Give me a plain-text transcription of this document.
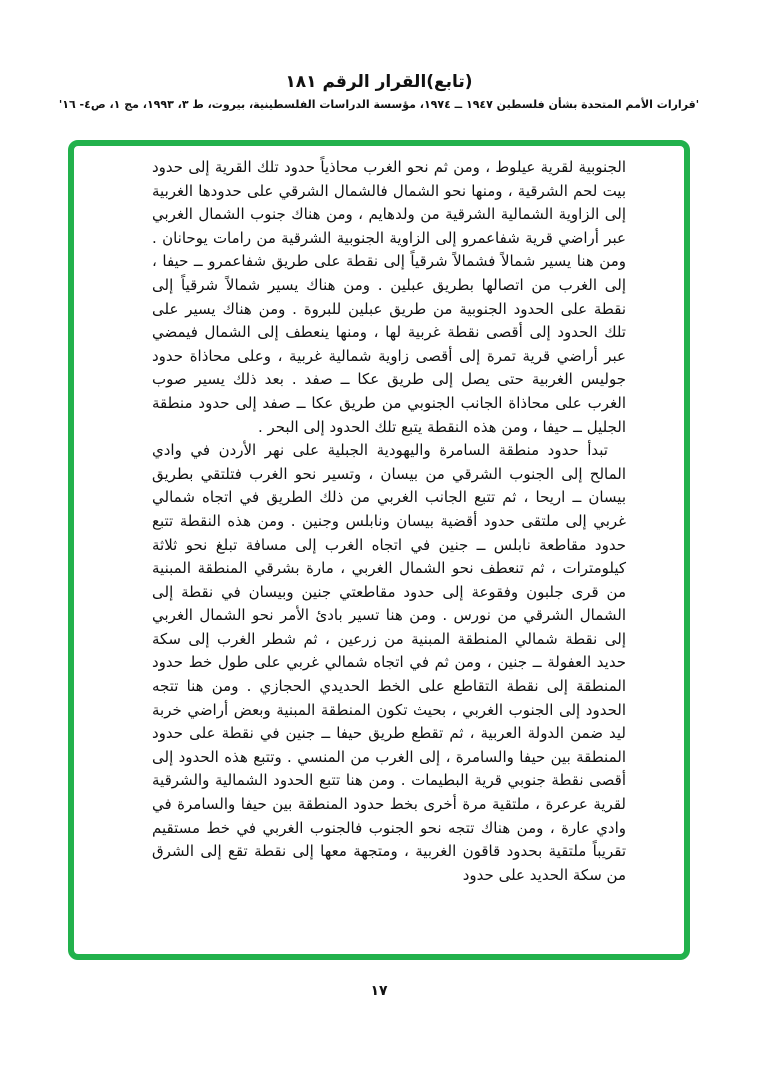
(تابع)القرار الرقم ١٨١
'قرارات الأمم المتحدة بشأن فلسطين ١٩٤٧ ــ ١٩٧٤، مؤسسة الدراسات الفلسطينية، بيروت، ط ٣، ١٩٩٣، مج ١، ص٤- ١٦'

الجنوبية لقرية عيلوط ، ومن ثم نحو الغرب محاذياً حدود تلك القرية إلى حدود بيت لحم الشرقية ، ومنها نحو الشمال فالشمال الشرقي على حدودها الغربية إلى الزاوية الشمالية الشرقية من ولدهايم ، ومن هناك جنوب الشمال الغربي عبر أراضي قرية شفاعمرو إلى الزاوية الجنوبية الشرقية من رامات يوحانان . ومن هنا يسير شمالاً فشمالاً شرقياً إلى نقطة على طريق شفاعمرو ــ حيفا ، إلى الغرب من اتصالها بطريق عبلين . ومن هناك يسير شمالاً شرقياً إلى نقطة على الحدود الجنوبية من طريق عبلين للبروة . ومن هناك يسير على تلك الحدود إلى أقصى نقطة غربية لها ، ومنها ينعطف إلى الشمال فيمضي عبر أراضي قرية تمرة إلى أقصى زاوية شمالية غربية ، وعلى محاذاة حدود جوليس الغربية حتى يصل إلى طريق عكا ــ صفد . بعد ذلك يسير صوب الغرب على محاذاة الجانب الجنوبي من طريق عكا ــ صفد إلى حدود منطقة الجليل ــ حيفا ، ومن هذه النقطة يتبع تلك الحدود إلى البحر .

تبدأ حدود منطقة السامرة واليهودية الجبلية على نهر الأردن في وادي المالح إلى الجنوب الشرقي من بيسان ، وتسير نحو الغرب فتلتقي بطريق بيسان ــ اريحا ، ثم تتبع الجانب الغربي من ذلك الطريق في اتجاه شمالي غربي إلى ملتقى حدود أقضية بيسان ونابلس وجنين . ومن هذه النقطة تتبع حدود مقاطعة نابلس ــ جنين في اتجاه الغرب إلى مسافة تبلغ نحو ثلاثة كيلومترات ، ثم تنعطف نحو الشمال الغربي ، مارة بشرقي المنطقة المبنية من قرى جلبون وفقوعة إلى حدود مقاطعتي جنين وبيسان في نقطة إلى الشمال الشرقي من نورس . ومن هنا تسير بادئ الأمر نحو الشمال الغربي إلى نقطة شمالي المنطقة المبنية من زرعين ، ثم شطر الغرب إلى سكة حديد العفولة ــ جنين ، ومن ثم في اتجاه شمالي غربي على طول خط حدود المنطقة إلى نقطة التقاطع على الخط الحديدي الحجازي . ومن هنا تتجه الحدود إلى الجنوب الغربي ، بحيث تكون المنطقة المبنية وبعض أراضي خربة ليد ضمن الدولة العربية ، ثم تقطع طريق حيفا ــ جنين في نقطة على حدود المنطقة بين حيفا والسامرة ، إلى الغرب من المنسي . وتتبع هذه الحدود إلى أقصى نقطة جنوبي قرية البطيمات . ومن هنا تتبع الحدود الشمالية والشرقية لقرية عرعرة ، ملتقية مرة أخرى بخط حدود المنطقة بين حيفا والسامرة في وادي عارة ، ومن هناك تتجه نحو الجنوب فالجنوب الغربي في خط مستقيم تقريباً ملتقية بحدود قاقون الغربية ، ومتجهة معها إلى نقطة تقع إلى الشرق من سكة الحديد على حدود

١٧
